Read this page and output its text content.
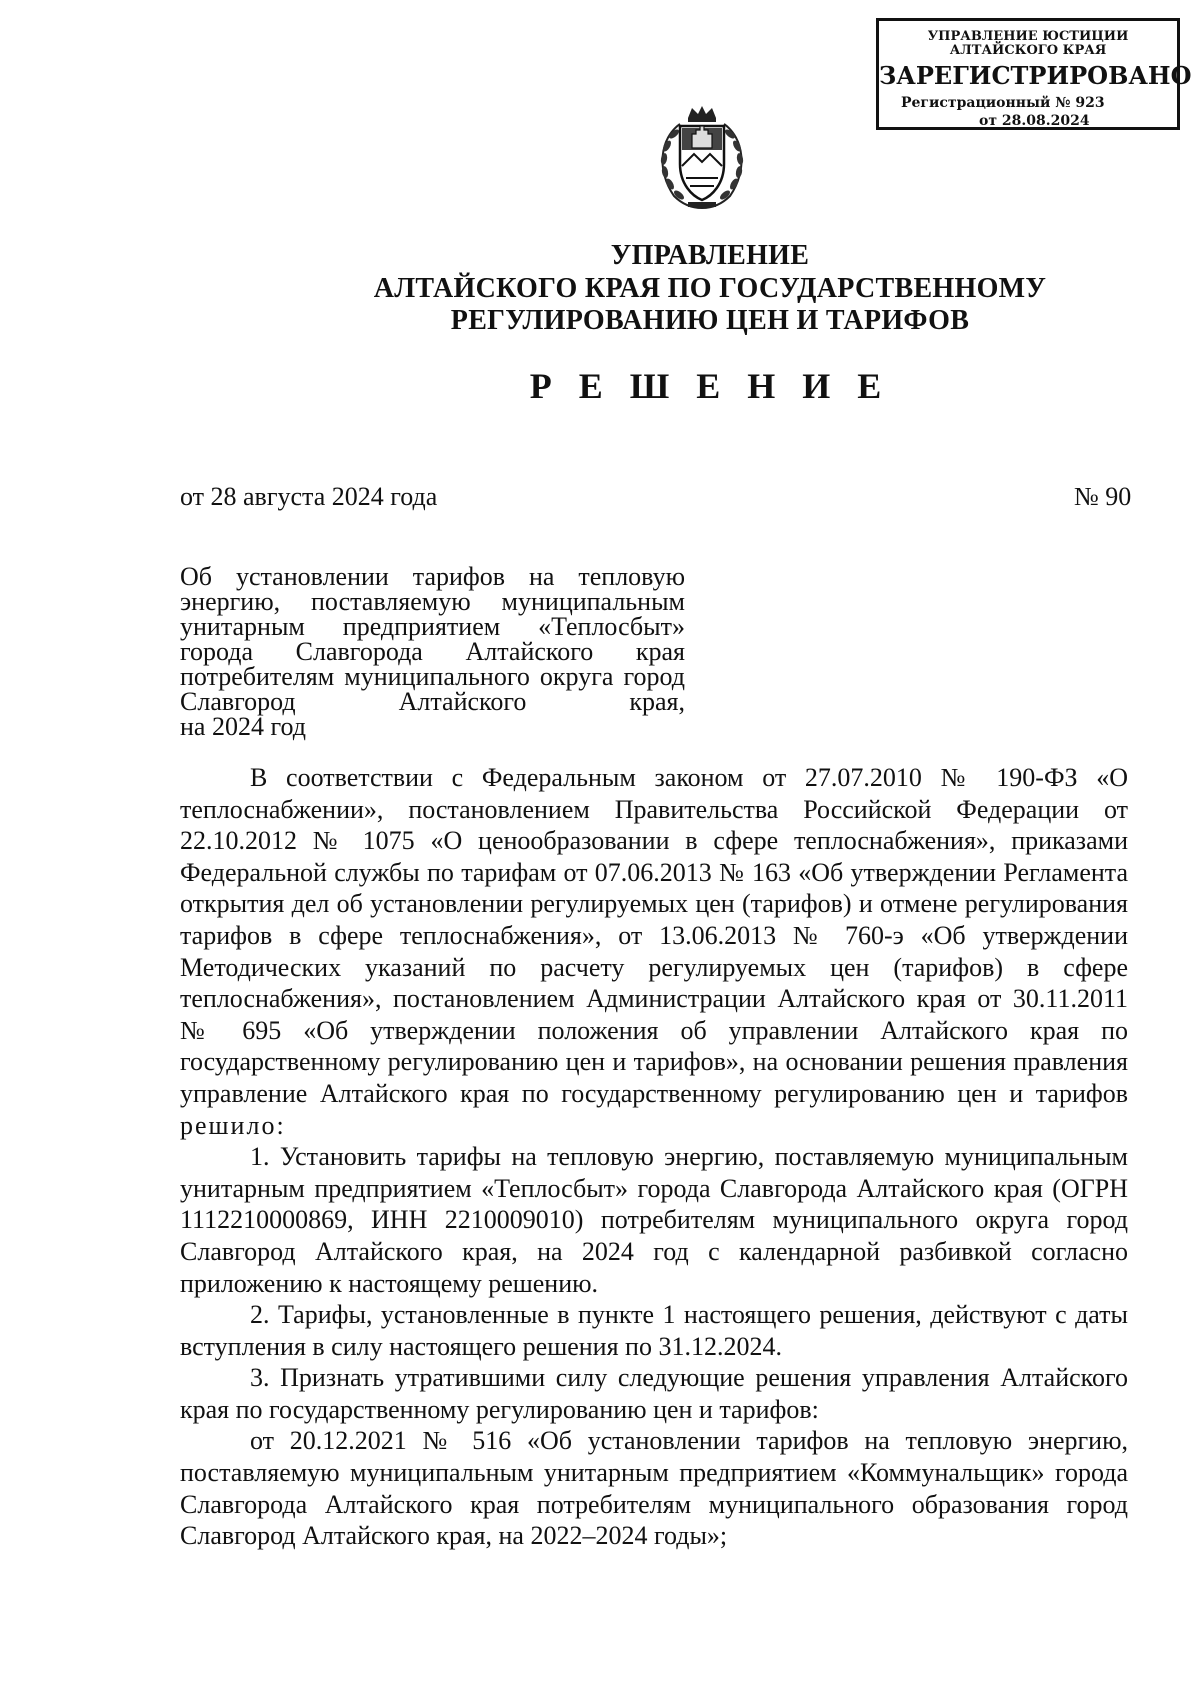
УПРАВЛЕНИЕ ЮСТИЦИИ
АЛТАЙСКОГО КРАЯ
ЗАРЕГИСТРИРОВАНО
Регистрационный № 923
от 28.08.2024
УПРАВЛЕНИЕ
АЛТАЙСКОГО КРАЯ ПО ГОСУДАРСТВЕННОМУ
РЕГУЛИРОВАНИЮ ЦЕН И ТАРИФОВ
Р Е Ш Е Н И Е
от 28 августа 2024 года	№ 90
Об установлении тарифов на тепловую энергию, поставляемую муниципальным унитарным предприятием «Теплосбыт» города Славгорода Алтайского края потребителям муниципального округа город Славгород Алтайского края,
на 2024 год

В соответствии с Федеральным законом от 27.07.2010 № 190-ФЗ «О теплоснабжении», постановлением Правительства Российской Федерации от 22.10.2012 № 1075 «О ценообразовании в сфере теплоснабжения», приказами Федеральной службы по тарифам от 07.06.2013 № 163 «Об утверждении Регламента открытия дел об установлении регулируемых цен (тарифов) и отмене регулирования тарифов в сфере теплоснабжения», от 13.06.2013 № 760-э «Об утверждении Методических указаний по расчету регулируемых цен (тарифов) в сфере теплоснабжения», постановлением Администрации Алтайского края от 30.11.2011 № 695 «Об утверждении положения об управлении Алтайского края по государственному регулированию цен и тарифов», на основании решения правления управление Алтайского края по государственному регулированию цен и тарифов решило:

1. Установить тарифы на тепловую энергию, поставляемую муниципальным унитарным предприятием «Теплосбыт» города Славгорода Алтайского края (ОГРН 1112210000869, ИНН 2210009010) потребителям муниципального округа город Славгород Алтайского края, на 2024 год с календарной разбивкой согласно приложению к настоящему решению.

2. Тарифы, установленные в пункте 1 настоящего решения, действуют с даты вступления в силу настоящего решения по 31.12.2024.

3. Признать утратившими силу следующие решения управления Алтайского края по государственному регулированию цен и тарифов:

от 20.12.2021 № 516 «Об установлении тарифов на тепловую энергию, поставляемую муниципальным унитарным предприятием «Коммунальщик» города Славгорода Алтайского края потребителям муниципального образования город Славгород Алтайского края, на 2022–2024 годы»;
